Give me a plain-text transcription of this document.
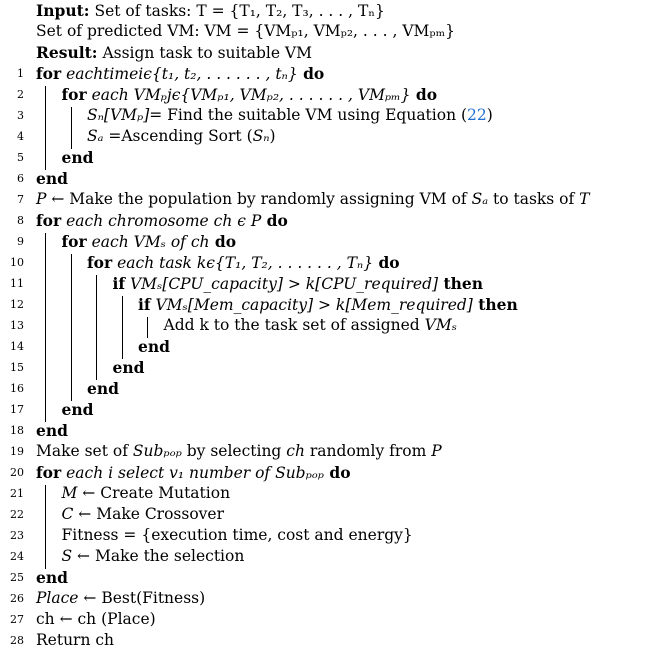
Input: Set of tasks: T = {T₁, T₂, T₃, . . . , Tₙ}
Set of predicted VM: VM = {VMₚ₁, VMₚ₂, . . . , VMₚₘ}
Result: Assign task to suitable VM
1 for eachtimeiϵ{t₁, t₂, . . . . . . , tₙ} do
2 for each VMₚjϵ{VMₚ₁, VMₚ₂, . . . . . . , VMₚₘ} do
3	Sₙ[VMₚ]= Find the suitable VM using Equation (22)
4	Sₐ =Ascending Sort (Sₙ)
5 end
6 end
7 P ← Make the population by randomly assigning VM of Sₐ to tasks of T
8 for each chromosome ch ϵ P do
9 for each VMₛ of ch do
10	for each task kϵ{T₁, T₂, . . . . . . , Tₙ} do
11	if VMₛ[CPU_capacity] > k[CPU_required] then
12	if VMₛ[Mem_capacity] > k[Mem_required] then
13	Add k to the task set of assigned VMₛ
14	end
15	end
16	end
17 end
18 end
19 Make set of Subₚₒₚ by selecting ch randomly from P
20 for each i select v₁ number of Subₚₒₚ do
21 M ← Create Mutation
22 C ← Make Crossover
23 Fitness = {execution time, cost and energy}
24 S ← Make the selection
25 end
26 Place ← Best(Fitness)
27 ch ← ch (Place)
28 Return ch
